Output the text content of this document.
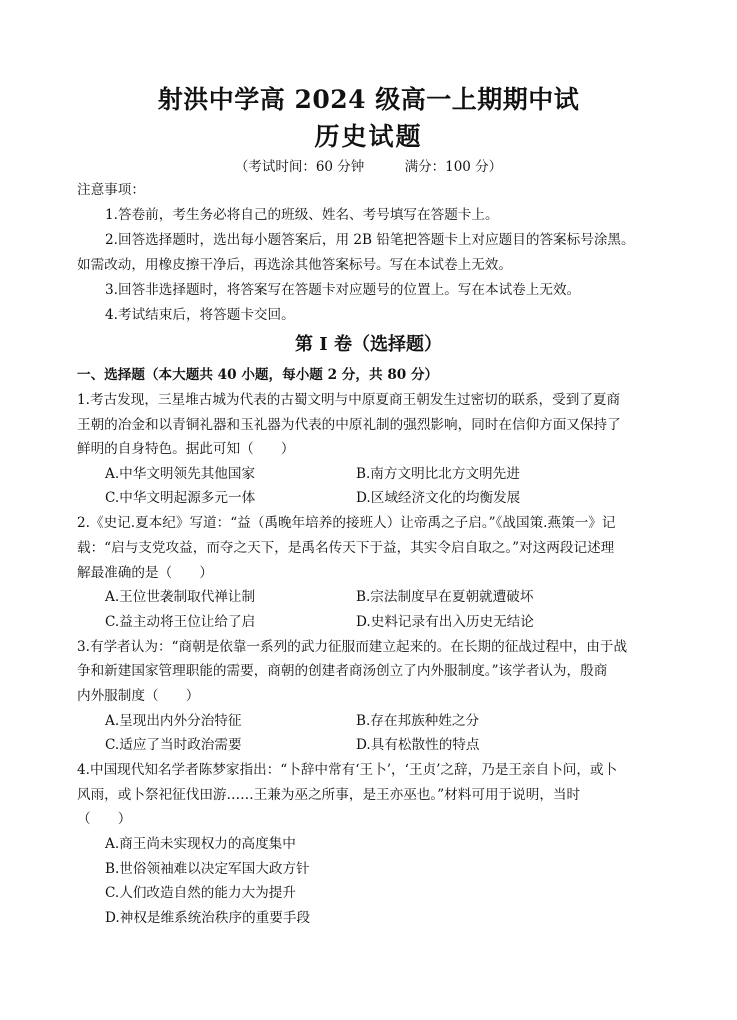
射洪中学高 2024 级高一上期期中试
历史试题
（考试时间：60 分钟	满分：100 分）
注意事项：
1.答卷前，考生务必将自己的班级、姓名、考号填写在答题卡上。
2.回答选择题时，选出每小题答案后，用 2B 铅笔把答题卡上对应题目的答案标号涂黑。
如需改动，用橡皮擦干净后，再选涂其他答案标号。写在本试卷上无效。
3.回答非选择题时，将答案写在答题卡对应题号的位置上。写在本试卷上无效。
4.考试结束后，将答题卡交回。
第 I 卷（选择题）
一、选择题（本大题共 40 小题，每小题 2 分，共 80 分）
1.考古发现，三星堆古城为代表的古蜀文明与中原夏商王朝发生过密切的联系，受到了夏商
王朝的冶金和以青铜礼器和玉礼器为代表的中原礼制的强烈影响，同时在信仰方面又保持了
鲜明的自身特色。据此可知（　　）
A.中华文明领先其他国家	B.南方文明比北方文明先进
C.中华文明起源多元一体	D.区域经济文化的均衡发展
2.《史记.夏本纪》写道：“益（禹晚年培养的接班人）让帝禹之子启。”《战国策.燕策一》记
载：“启与支党攻益，而夺之天下，是禹名传天下于益，其实令启自取之。”对这两段记述理
解最准确的是（　　）
A.王位世袭制取代禅让制	B.宗法制度早在夏朝就遭破坏
C.益主动将王位让给了启	D.史料记录有出入历史无结论
3.有学者认为：“商朝是依靠一系列的武力征服而建立起来的。在长期的征战过程中，由于战
争和新建国家管理职能的需要，商朝的创建者商汤创立了内外服制度。”该学者认为，殷商
内外服制度（　　）
A.呈现出内外分治特征	B.存在邦族种姓之分
C.适应了当时政治需要	D.具有松散性的特点
4.中国现代知名学者陈梦家指出：“卜辞中常有‘王卜’，‘王贞’之辞，乃是王亲自卜问，或卜
风雨，或卜祭祀征伐田游……王兼为巫之所事，是王亦巫也。”材料可用于说明，当时
（　　）
A.商王尚未实现权力的高度集中
B.世俗领袖难以决定军国大政方针
C.人们改造自然的能力大为提升
D.神权是维系统治秩序的重要手段
